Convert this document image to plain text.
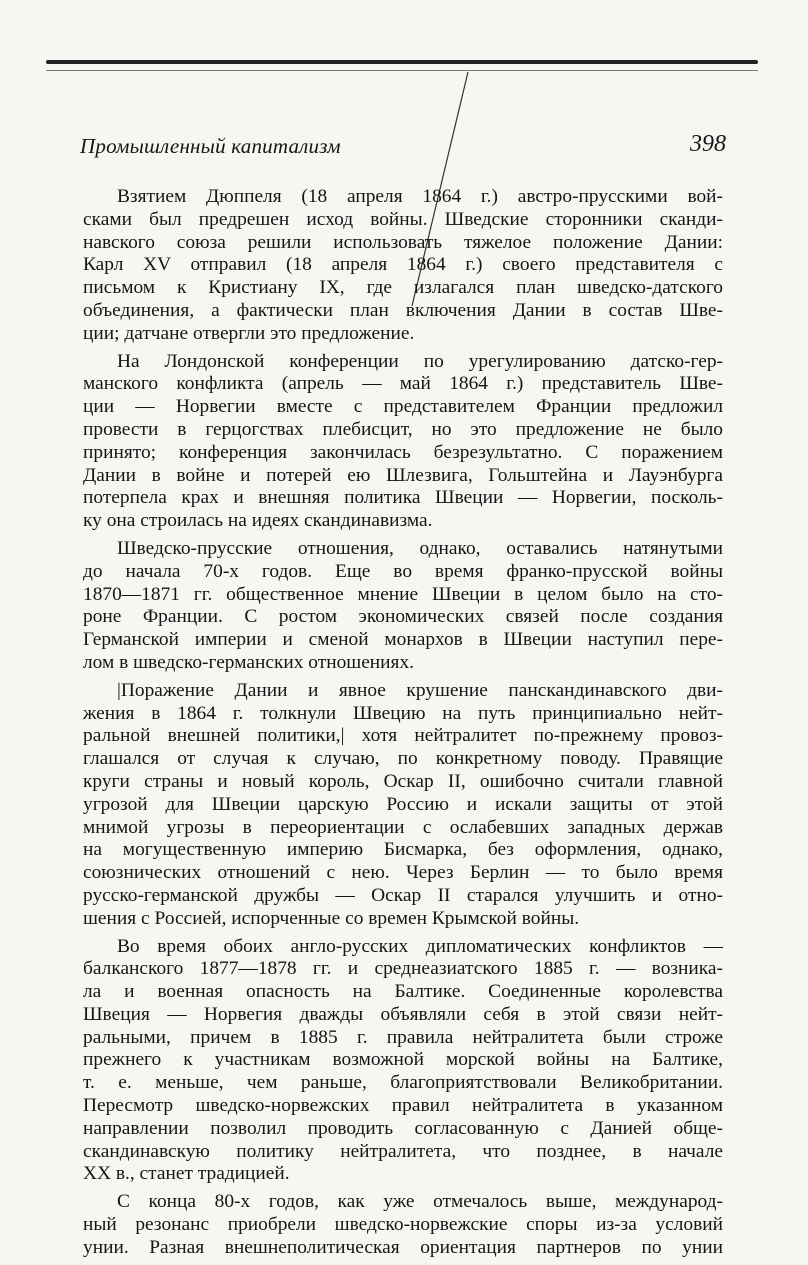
Промышленный капитализм	398
Взятием Дюппеля (18 апреля 1864 г.) австро-прусскими вой-
сками был предрешен исход войны. Шведские сторонники сканди-
навского союза решили использовать тяжелое положение Дании:
Карл XV отправил (18 апреля 1864 г.) своего представителя с
письмом к Кристиану IX, где излагался план шведско-датского
объединения, а фактически план включения Дании в состав Шве-
ции; датчане отвергли это предложение.
На Лондонской конференции по урегулированию датско-гер-
манского конфликта (апрель — май 1864 г.) представитель Шве-
ции — Норвегии вместе с представителем Франции предложил
провести в герцогствах плебисцит, но это предложение не было
принято; конференция закончилась безрезультатно. С поражением
Дании в войне и потерей ею Шлезвига, Гольштейна и Лауэнбурга
потерпела крах и внешняя политика Швеции — Норвегии, посколь-
ку она строилась на идеях скандинавизма.
Шведско-прусские отношения, однако, оставались натянутыми
до начала 70-х годов. Еще во время франко-прусской войны
1870—1871 гг. общественное мнение Швеции в целом было на сто-
роне Франции. С ростом экономических связей после создания
Германской империи и сменой монархов в Швеции наступил пере-
лом в шведско-германских отношениях.
|Поражение Дании и явное крушение панскандинавского дви-
жения в 1864 г. толкнули Швецию на путь принципиально нейт-
ральной внешней политики,| хотя нейтралитет по-прежнему провоз-
глашался от случая к случаю, по конкретному поводу. Правящие
круги страны и новый король, Оскар II, ошибочно считали главной
угрозой для Швеции царскую Россию и искали защиты от этой
мнимой угрозы в переориентации с ослабевших западных держав
на могущественную империю Бисмарка, без оформления, однако,
союзнических отношений с нею. Через Берлин — то было время
русско-германской дружбы — Оскар II старался улучшить и отно-
шения с Россией, испорченные со времен Крымской войны.
Во время обоих англо-русских дипломатических конфликтов —
балканского 1877—1878 гг. и среднеазиатского 1885 г. — возника-
ла и военная опасность на Балтике. Соединенные королевства
Швеция — Норвегия дважды объявляли себя в этой связи нейт-
ральными, причем в 1885 г. правила нейтралитета были строже
прежнего к участникам возможной морской войны на Балтике,
т. е. меньше, чем раньше, благоприятствовали Великобритании.
Пересмотр шведско-норвежских правил нейтралитета в указанном
направлении позволил проводить согласованную с Данией обще-
скандинавскую политику нейтралитета, что позднее, в начале
XX в., станет традицией.
С конца 80-х годов, как уже отмечалось выше, международ-
ный резонанс приобрели шведско-норвежские споры из-за условий
унии. Разная внешнеполитическая ориентация партнеров по унии
